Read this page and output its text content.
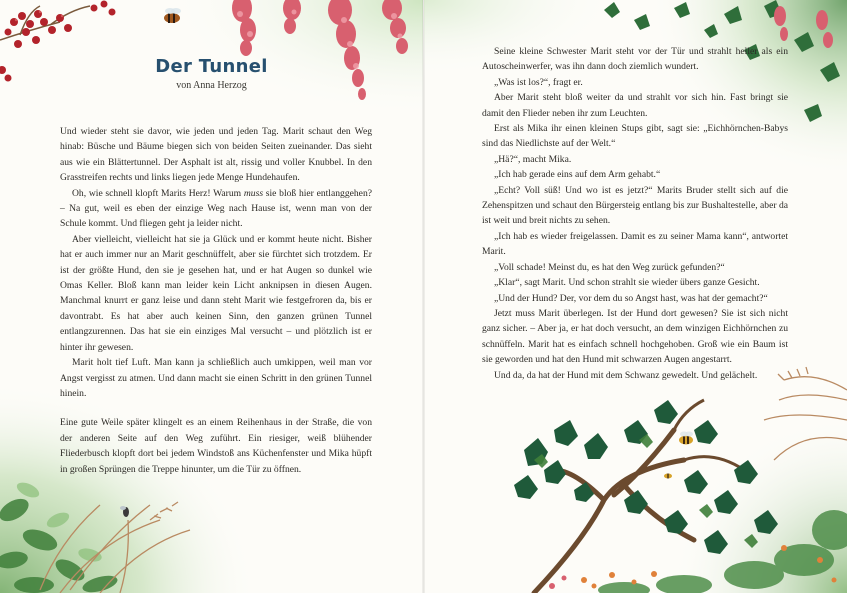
Der Tunnel

von Anna Herzog

Und wieder steht sie davor, wie jeden und jeden Tag. Marit schaut den Weg hinab: Büsche und Bäume biegen sich von beiden Seiten zueinander. Das sieht aus wie ein Blättertunnel. Der Asphalt ist alt, rissig und voller Knubbel. In den Grasstreifen rechts und links liegen jede Menge Hundehaufen.

Oh, wie schnell klopft Marits Herz! Warum muss sie bloß hier entlanggehen? – Na gut, weil es eben der einzige Weg nach Hause ist, wenn man von der Schule kommt. Und fliegen geht ja leider nicht.

Aber vielleicht, vielleicht hat sie ja Glück und er kommt heute nicht. Bisher hat er auch immer nur an Marit geschnüffelt, aber sie fürchtet sich trotzdem. Er ist der größte Hund, den sie je gesehen hat, und er hat Augen so dunkel wie Omas Keller. Bloß kann man leider kein Licht anknipsen in diesen Augen. Manchmal knurrt er ganz leise und dann steht Marit wie festgefroren da, bis er davontrabt. Es hat aber auch keinen Sinn, den ganzen grünen Tunnel entlangzurennen. Das hat sie ein einziges Mal versucht – und plötzlich ist er hinter ihr gewesen.

Marit holt tief Luft. Man kann ja schließlich auch umkippen, weil man vor Angst vergisst zu atmen. Und dann macht sie einen Schritt in den grünen Tunnel hinein.

Eine gute Weile später klingelt es an einem Reihenhaus in der Straße, die von der anderen Seite auf den Weg zuführt. Ein riesiger, weiß blühender Fliederbusch klopft dort bei jedem Windstoß ans Küchenfenster und Mika hüpft in großen Sprüngen die Treppe hinunter, um die Tür zu öffnen.

Seine kleine Schwester Marit steht vor der Tür und strahlt heller als ein Autoscheinwerfer, was ihn dann doch ziemlich wundert.

„Was ist los?“, fragt er.

Aber Marit steht bloß weiter da und strahlt vor sich hin. Fast bringt sie damit den Flieder neben ihr zum Leuchten.

Erst als Mika ihr einen kleinen Stups gibt, sagt sie: „Eichhörnchen-Babys sind das Niedlichste auf der Welt.“

„Hä?“, macht Mika.

„Ich hab gerade eins auf dem Arm gehabt.“

„Echt? Voll süß! Und wo ist es jetzt?“ Marits Bruder stellt sich auf die Zehenspitzen und schaut den Bürgersteig entlang bis zur Bushaltestelle, aber da ist weit und breit nichts zu sehen.

„Ich hab es wieder freigelassen. Damit es zu seiner Mama kann“, antwortet Marit.

„Voll schade! Meinst du, es hat den Weg zurück gefunden?“

„Klar“, sagt Marit. Und schon strahlt sie wieder übers ganze Gesicht.

„Und der Hund? Der, vor dem du so Angst hast, was hat der gemacht?“

Jetzt muss Marit überlegen. Ist der Hund dort gewesen? Sie ist sich nicht ganz sicher. – Aber ja, er hat doch versucht, an dem winzigen Eichhörnchen zu schnüffeln. Marit hat es einfach schnell hochgehoben. Groß wie ein Baum ist sie geworden und hat den Hund mit schwarzen Augen angestarrt.

Und da, da hat der Hund mit dem Schwanz gewedelt. Und gelächelt.
